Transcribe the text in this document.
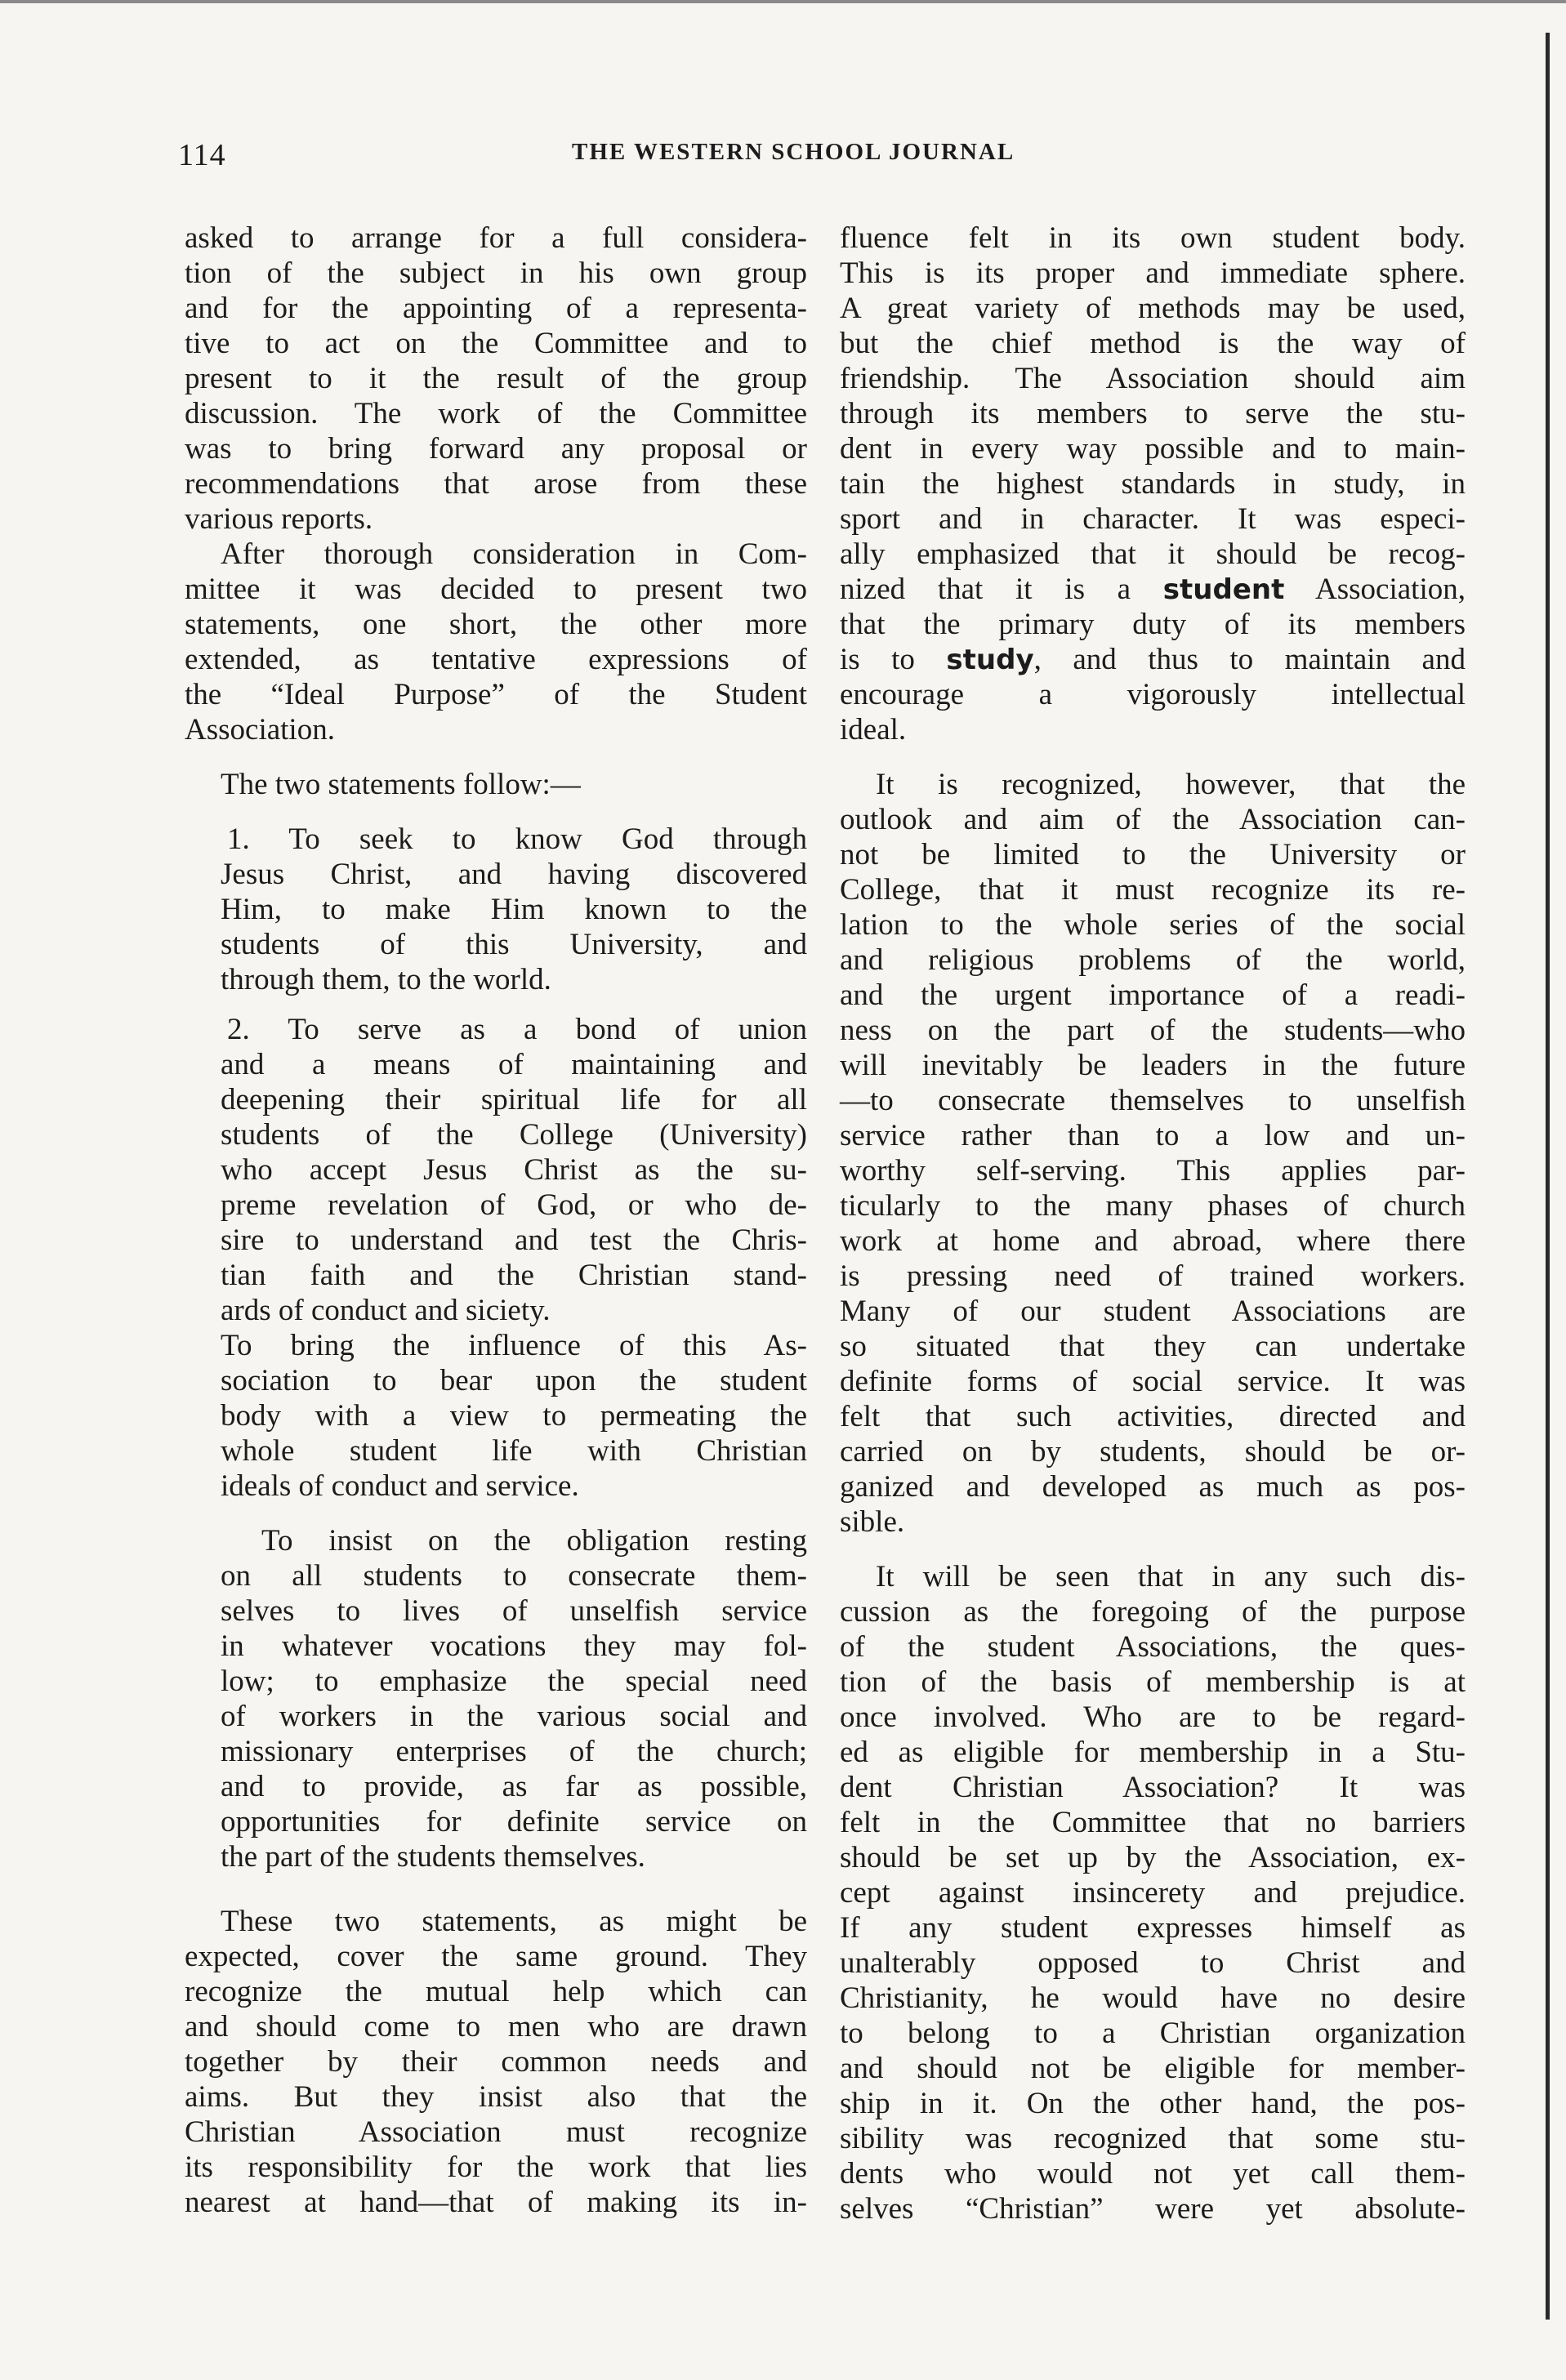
114	THE WESTERN SCHOOL JOURNAL
asked to arrange for a full considera-
tion of the subject in his own group
and for the appointing of a representa-
tive to act on the Committee and to
present to it the result of the group
discussion. The work of the Committee
was to bring forward any proposal or
recommendations that arose from these
various reports.
After thorough consideration in Com-
mittee it was decided to present two
statements, one short, the other more
extended, as tentative expressions of
the “Ideal Purpose” of the Student
Association.
The two statements follow:—
1. To seek to know God through
Jesus Christ, and having discovered
Him, to make Him known to the
students of this University, and
through them, to the world.
2. To serve as a bond of union
and a means of maintaining and
deepening their spiritual life for all
students of the College (University)
who accept Jesus Christ as the su-
preme revelation of God, or who de-
sire to understand and test the Chris-
tian faith and the Christian stand-
ards of conduct and siciety.
To bring the influence of this As-
sociation to bear upon the student
body with a view to permeating the
whole student life with Christian
ideals of conduct and service.
To insist on the obligation resting
on all students to consecrate them-
selves to lives of unselfish service
in whatever vocations they may fol-
low; to emphasize the special need
of workers in the various social and
missionary enterprises of the church;
and to provide, as far as possible,
opportunities for definite service on
the part of the students themselves.
These two statements, as might be
expected, cover the same ground. They
recognize the mutual help which can
and should come to men who are drawn
together by their common needs and
aims. But they insist also that the
Christian Association must recognize
its responsibility for the work that lies
nearest at hand—that of making its in-
fluence felt in its own student body.
This is its proper and immediate sphere.
A great variety of methods may be used,
but the chief method is the way of
friendship. The Association should aim
through its members to serve the stu-
dent in every way possible and to main-
tain the highest standards in study, in
sport and in character. It was especi-
ally emphasized that it should be recog-
nized that it is a student Association,
that the primary duty of its members
is to study, and thus to maintain and
encourage a vigorously intellectual
ideal.
It is recognized, however, that the
outlook and aim of the Association can-
not be limited to the University or
College, that it must recognize its re-
lation to the whole series of the social
and religious problems of the world,
and the urgent importance of a readi-
ness on the part of the students—who
will inevitably be leaders in the future
—to consecrate themselves to unselfish
service rather than to a low and un-
worthy self-serving. This applies par-
ticularly to the many phases of church
work at home and abroad, where there
is pressing need of trained workers.
Many of our student Associations are
so situated that they can undertake
definite forms of social service. It was
felt that such activities, directed and
carried on by students, should be or-
ganized and developed as much as pos-
sible.
It will be seen that in any such dis-
cussion as the foregoing of the purpose
of the student Associations, the ques-
tion of the basis of membership is at
once involved. Who are to be regard-
ed as eligible for membership in a Stu-
dent Christian Association? It was
felt in the Committee that no barriers
should be set up by the Association, ex-
cept against insincerety and prejudice.
If any student expresses himself as
unalterably opposed to Christ and
Christianity, he would have no desire
to belong to a Christian organization
and should not be eligible for member-
ship in it. On the other hand, the pos-
sibility was recognized that some stu-
dents who would not yet call them-
selves “Christian” were yet absolute-
